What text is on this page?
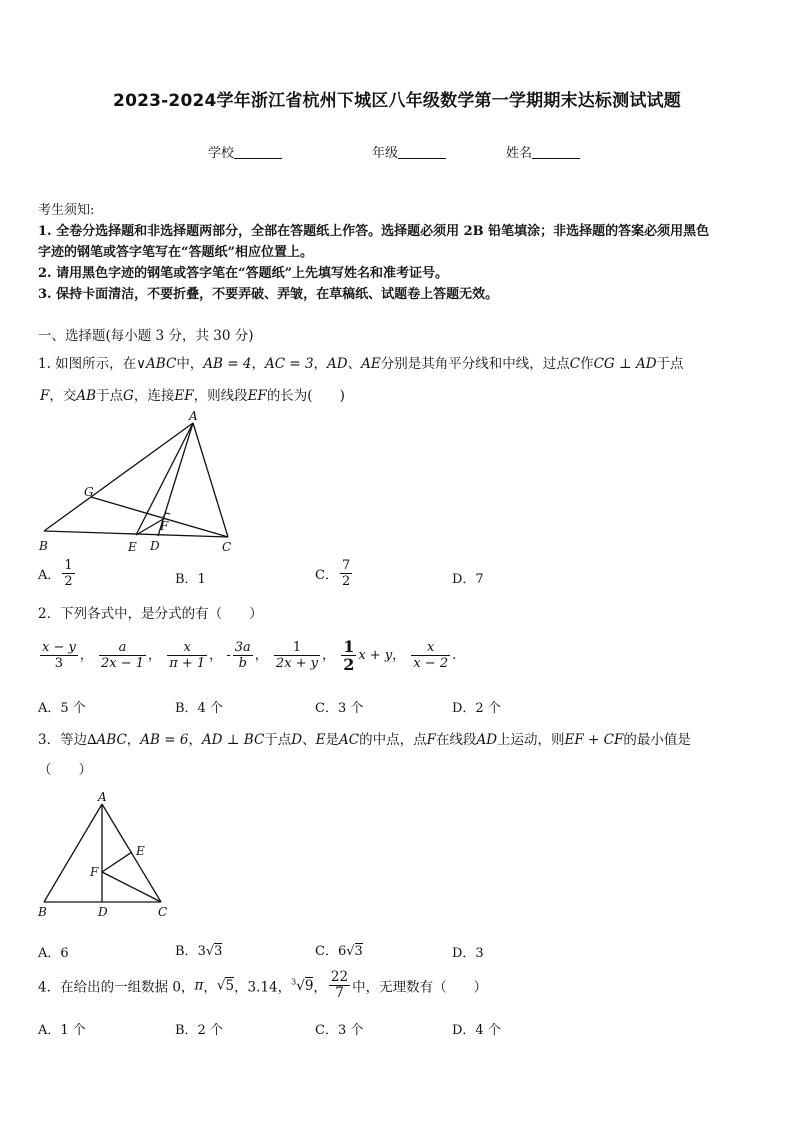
2023-2024学年浙江省杭州下城区八年级数学第一学期期末达标测试试题
学校	年级	姓名
考生须知:
1. 全卷分选择题和非选择题两部分，全部在答题纸上作答。选择题必须用 2B 铅笔填涂；非选择题的答案必须用黑色
字迹的钢笔或答字笔写在“答题纸”相应位置上。
2. 请用黑色字迹的钢笔或答字笔在“答题纸”上先填写姓名和准考证号。
3. 保持卡面清洁，不要折叠，不要弄破、弄皱，在草稿纸、试题卷上答题无效。
一、选择题(每小题 3 分，共 30 分)
1. 如图所示，在∨ABC中，AB = 4，AC = 3，AD、AE分别是其角平分线和中线，过点C作CG ⊥ AD于点
F，交AB于点G，连接EF，则线段EF的长为(　　)
A
B	C
D
E
F
G
A． $\frac{1}{2}$	B．1	C． $\frac{7}{2}$	D．7
2．下列各式中，是分式的有（　　）
$\frac{x - y}{3}$ ， $\frac{a}{2x - 1}$ ， $\frac{x}{\pi + 1}$ ， - $\frac{3a}{b}$ ， $\frac{1}{2x + y}$ ， $\frac{1}{2}$ x + y， $\frac{x}{x - 2}$ .
A．5 个	B．4 个	C．3 个	D．2 个
3．等边∆ABC，AB = 6，AD ⊥ BC于点D、E是AC的中点，点F在线段AD上运动，则EF + CF的最小值是
（　　）
A
B	C
D
E
F
A．6	B．3√3	C．6√3	D．3
4．在给出的一组数据 0，π，√5，3.14，$^3$√9， $\frac{22}{7}$ 中，无理数有（　　）
A．1 个	B．2 个	C．3 个	D．4 个
